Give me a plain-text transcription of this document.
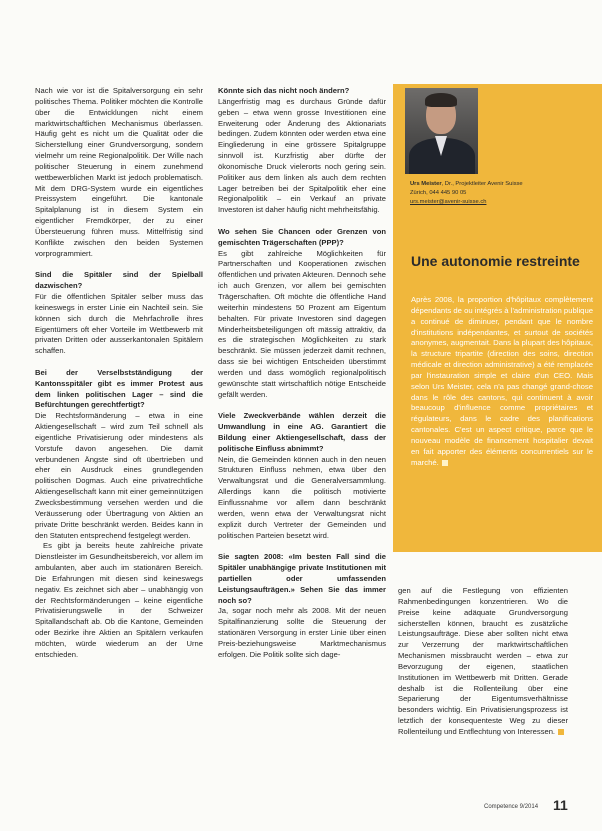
Nach wie vor ist die Spitalversorgung ein sehr politisches Thema. Politiker möchten die Kontrolle über die Entwicklungen nicht einem marktwirtschaftlichen Mechanismus überlassen. Häufig geht es nicht um die Qualität oder die Sicherstellung einer Grundversorgung, sondern vielmehr um reine Regionalpolitik. Der Wille nach politischer Steuerung in einem zunehmend wettbewerblichen Markt ist jedoch problematisch. Mit dem DRG-System wurde ein eigentliches Preissystem eingeführt. Die kantonale Spitalplanung ist in diesem System ein eigentlicher Fremdkörper, der zu einer Übersteuerung führen muss. Mittelfristig sind Konflikte zwischen den beiden Systemen vorprogrammiert.

Sind die Spitäler sind der Spielball dazwischen?

Für die öffentlichen Spitäler selber muss das keineswegs in erster Linie ein Nachteil sein. Sie können sich durch die Mehrfachrolle ihres Eigentümers oft eher Vorteile im Wettbewerb mit privaten Dritten oder ausserkantonalen Spitälern schaffen.

Bei der Verselbstständigung der Kantonsspitäler gibt es immer Protest aus dem linken politischen Lager – sind die Befürchtungen gerechtfertigt?

Die Rechtsformänderung – etwa in eine Aktiengesellschaft – wird zum Teil schnell als eigentliche Privatisierung oder mindestens als Vorstufe davon angesehen. Die damit verbundenen Ängste sind oft übertrieben und eher ein Ausdruck eines grundlegenden politischen Dogmas. Auch eine privatrechtliche Aktiengesellschaft kann mit einer gemeinnützigen Zwecksbestimmung versehen werden und die Veräusserung oder Übertragung von Aktien an private Dritte beschränkt werden. Beides kann in den Statuten entsprechend festgelegt werden.

Es gibt ja bereits heute zahlreiche private Dienstleister im Gesundheitsbereich, vor allem im ambulanten, aber auch im stationären Bereich. Die Erfahrungen mit diesen sind keineswegs negativ. Es zeichnet sich aber – unabhängig von der Rechtsformänderungen – keine eigentliche Privatisierungswelle in der Schweizer Spitallandschaft ab. Ob die Kantone, Gemeinden oder Bezirke ihre Aktien an Spitälern verkaufen möchten, würde wiederum an der Urne entschieden.

Könnte sich das nicht noch ändern?

Längerfristig mag es durchaus Gründe dafür geben – etwa wenn grosse Investitionen eine Erweiterung oder Änderung des Aktionariats bedingen. Zudem könnten oder werden etwa eine Eingliederung in eine grössere Spitalgruppe sinnvoll ist. Kurzfristig aber dürfte der ökonomische Druck vielerorts noch gering sein. Politiker aus dem linken als auch dem rechten Lager betreiben bei der Spitalpolitik eher eine Regionalpolitik – ein Verkauf an private Investoren ist daher häufig nicht mehrheitsfähig.

Wo sehen Sie Chancen oder Grenzen von gemischten Trägerschaften (PPP)?

Es gibt zahlreiche Möglichkeiten für Partnerschaften und Kooperationen zwischen öffentlichen und privaten Akteuren. Dennoch sehe ich auch Grenzen, vor allem bei gemischten Trägerschaften. Oft möchte die öffentliche Hand weiterhin mindestens 50 Prozent am Eigentum behalten. Für private Investoren sind dagegen Minderheitsbeteiligungen oft mässig attraktiv, da es die strategischen Möglichkeiten zu stark beschränkt. Sie müssen jederzeit damit rechnen, dass sie bei wichtigen Entscheiden überstimmt werden und dass womöglich regionalpolitisch gewünschte statt wirtschaftlich nötige Entscheide gefällt werden.

Viele Zweckverbände wählen derzeit die Umwandlung in eine AG. Garantiert die Bildung einer Aktiengesellschaft, dass der politische Einfluss abnimmt?

Nein, die Gemeinden können auch in den neuen Strukturen Einfluss nehmen, etwa über den Verwaltungsrat und die Generalversammlung. Allerdings kann die politisch motivierte Einflussnahme vor allem dann beschränkt werden, wenn etwa der Verwaltungsrat nicht explizit durch Vertreter der Gemeinden und politischen Parteien besetzt wird.

Sie sagten 2008: «Im besten Fall sind die Spitäler unabhängige private Institutionen mit partiellen oder umfassenden Leistungsaufträgen.» Sehen Sie das immer noch so?

Ja, sogar noch mehr als 2008. Mit der neuen Spitalfinanzierung sollte die Steuerung der stationären Versorgung in erster Linie über einen Preis-beziehungsweise Marktmechanismus erfolgen. Die Politik sollte sich dage-

Urs Meister, Dr., Projektleiter Avenir Suisse
Zürich, 044 445 90 05
urs.meister@avenir-suisse.ch
Une autonomie restreinte

Après 2008, la proportion d'hôpitaux complètement dépendants de ou intégrés à l'administration publique a continué de diminuer, pendant que le nombre d'institutions indépendantes, et surtout de sociétés anonymes, augmentait. Dans la plupart des hôpitaux, la structure tripartite (direction des soins, direction médicale et direction administrative) a été remplacée par l'instauration simple et claire d'un CEO. Mais selon Urs Meister, cela n'a pas changé grand-chose dans le rôle des cantons, qui continuent à avoir beaucoup d'influence comme propriétaires et régulateurs, dans le cadre des planifications cantonales. C'est un aspect critique, parce que le nouveau modèle de financement hospitalier devait en fait apporter des éléments concurrentiels sur le marché.

gen auf die Festlegung von effizienten Rahmenbedingungen konzentrieren. Wo die Preise keine adäquate Grundversorgung sicherstellen können, braucht es zusätzliche Leistungsaufträge. Diese aber sollten nicht etwa zur Verzerrung der marktwirtschaftlichen Mechanismen missbraucht werden – etwa zur Bevorzugung der eigenen, staatlichen Institutionen im Wettbewerb mit Dritten. Gerade deshalb ist die Rollenteilung über eine Separierung der Eigentumsverhältnisse besonders wichtig. Ein Privatisierungsprozess ist letztlich der konsequenteste Weg zu dieser Rollenteilung und Entflechtung von Interessen.

Competence 9/2014 11
